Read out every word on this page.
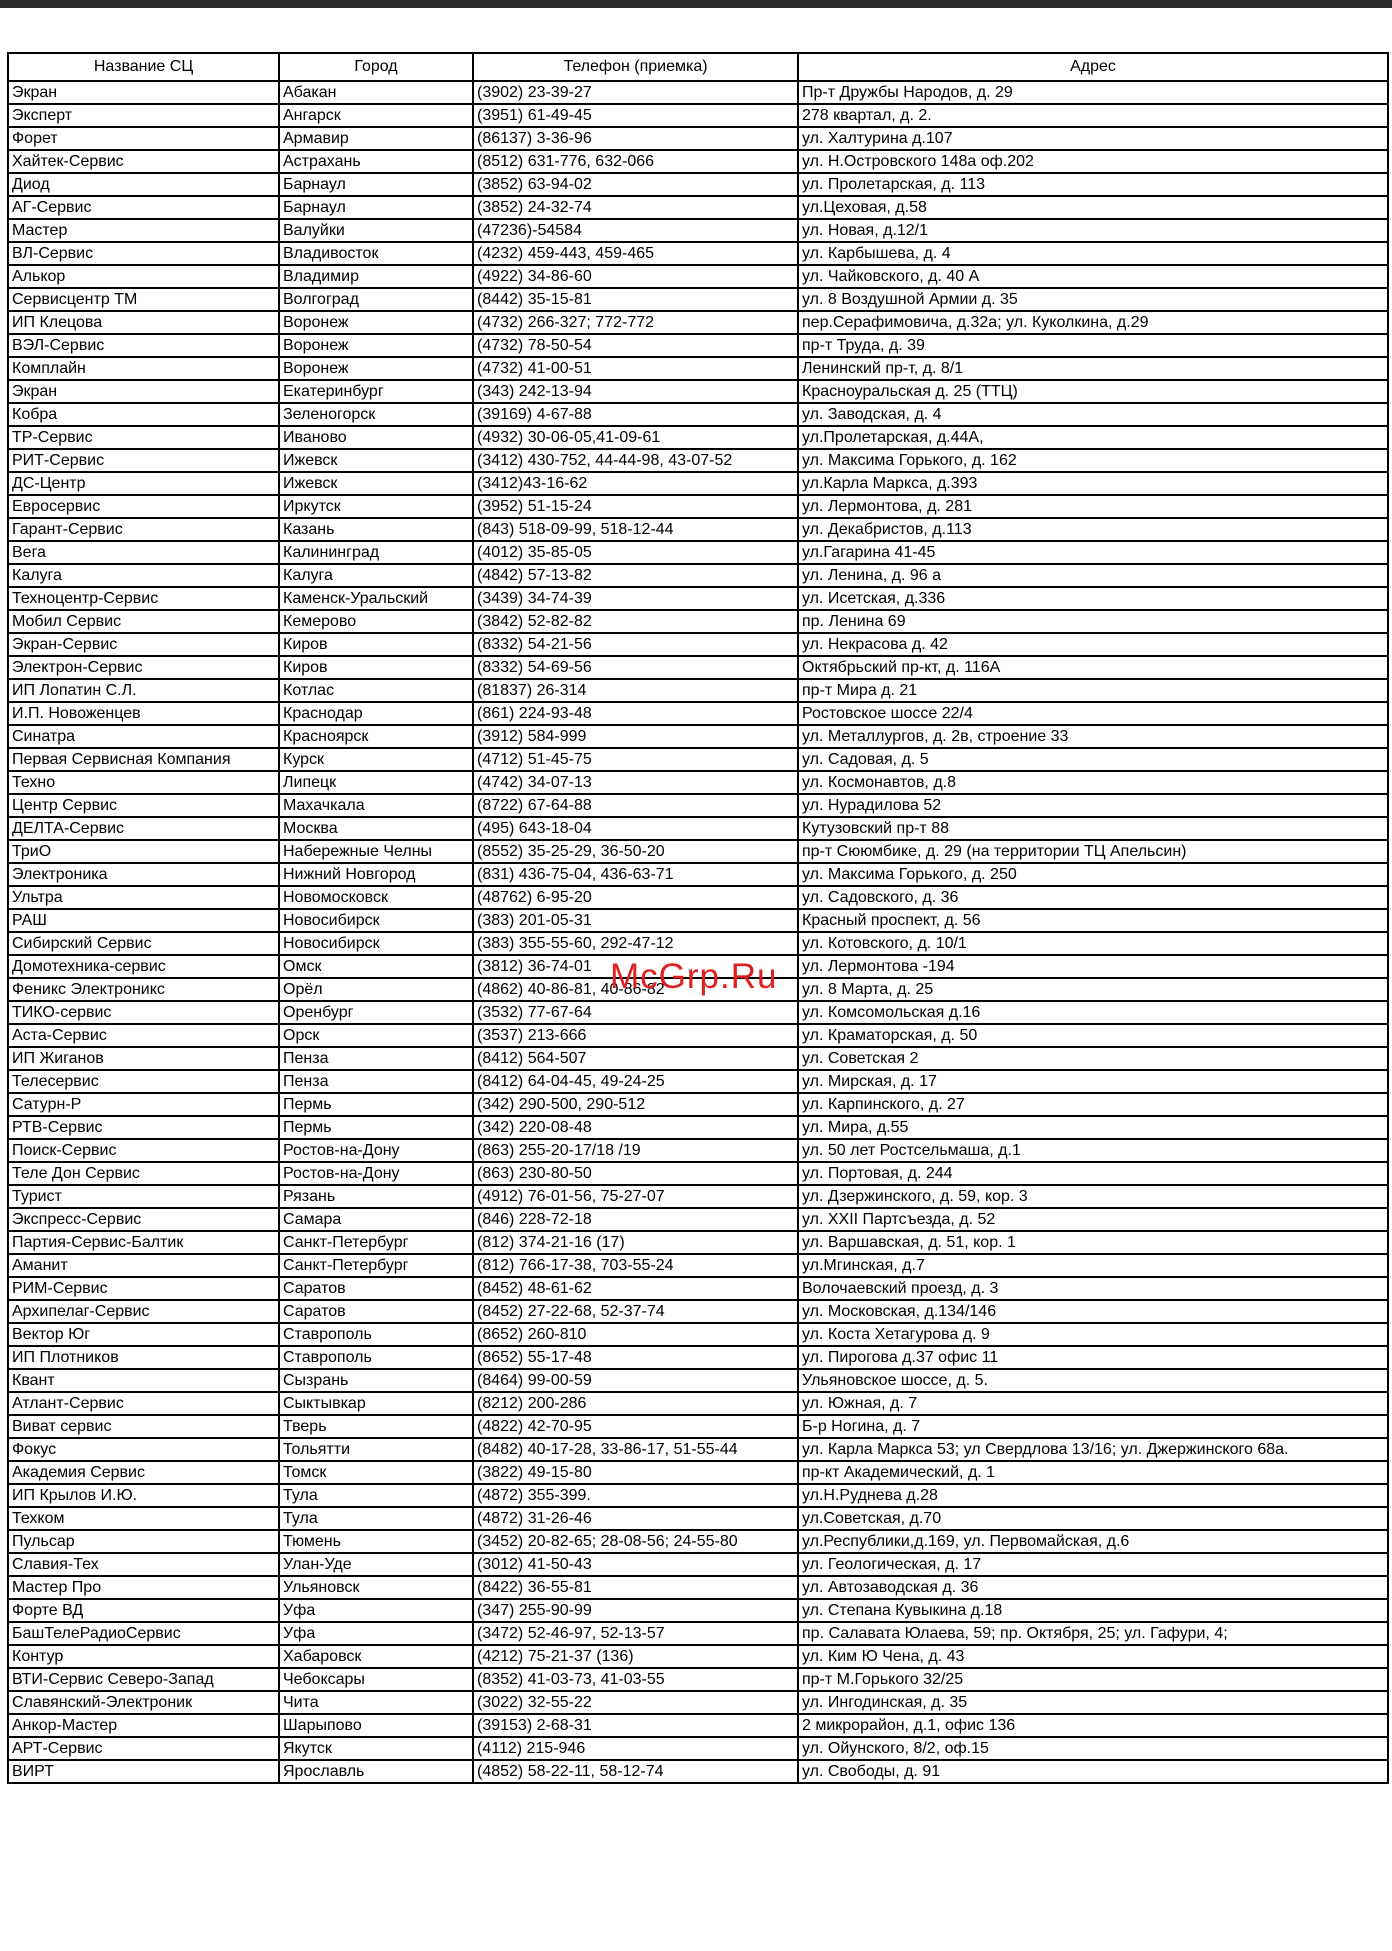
Название СЦ	Город	Телефон (приемка)	Адрес
Экран	Абакан	(3902) 23-39-27	Пр-т Дружбы Народов, д. 29
Эксперт	Ангарск	(3951) 61-49-45	278 квартал, д. 2.
Форет	Армавир	(86137) 3-36-96	ул. Халтурина д.107
Хайтек-Сервис	Астрахань	(8512) 631-776, 632-066	ул. Н.Островского 148а оф.202
Диод	Барнаул	(3852) 63-94-02	ул. Пролетарская, д. 113
АГ-Сервис	Барнаул	(3852) 24-32-74	ул.Цеховая, д.58
Мастер	Валуйки	(47236)-54584	ул. Новая, д.12/1
ВЛ-Сервис	Владивосток	(4232) 459-443, 459-465	ул. Карбышева, д. 4
Алькор	Владимир	(4922) 34-86-60	ул. Чайковского, д. 40 А
Сервисцентр ТМ	Волгоград	(8442) 35-15-81	ул. 8 Воздушной Армии д. 35
ИП Клецова	Воронеж	(4732) 266-327; 772-772	пер.Серафимовича, д.32а; ул. Куколкина, д.29
ВЭЛ-Сервис	Воронеж	(4732) 78-50-54	пр-т Труда, д. 39
Комплайн	Воронеж	(4732) 41-00-51	Ленинский пр-т, д. 8/1
Экран	Екатеринбург	(343) 242-13-94	Красноуральская д. 25 (ТТЦ)
Кобра	Зеленогорск	(39169) 4-67-88	ул. Заводская, д. 4
ТР-Сервис	Иваново	(4932) 30-06-05,41-09-61	ул.Пролетарская, д.44А,
РИТ-Сервис	Ижевск	(3412) 430-752, 44-44-98, 43-07-52	ул. Максима Горького, д. 162
ДС-Центр	Ижевск	(3412)43-16-62	ул.Карла Маркса, д.393
Евросервис	Иркутск	(3952) 51-15-24	ул. Лермонтова, д. 281
Гарант-Сервис	Казань	(843) 518-09-99, 518-12-44	ул. Декабристов, д.113
Вега	Калининград	(4012) 35-85-05	ул.Гагарина 41-45
Калуга	Калуга	(4842) 57-13-82	ул. Ленина, д. 96 а
Техноцентр-Сервис	Каменск-Уральский	(3439) 34-74-39	ул. Исетская, д.336
Мобил Сервис	Кемерово	(3842) 52-82-82	пр. Ленина 69
Экран-Сервис	Киров	(8332) 54-21-56	ул. Некрасова д. 42
Электрон-Сервис	Киров	(8332) 54-69-56	Октябрьский пр-кт, д. 116А
ИП Лопатин С.Л.	Котлас	(81837) 26-314	пр-т Мира д. 21
И.П. Новоженцев	Краснодар	(861) 224-93-48	Ростовское шоссе 22/4
Синатра	Красноярск	(3912) 584-999	ул. Металлургов, д. 2в, строение 33
Первая Сервисная Компания	Курск	(4712) 51-45-75	ул. Садовая, д. 5
Техно	Липецк	(4742) 34-07-13	ул. Космонавтов, д.8
Центр Сервис	Махачкала	(8722) 67-64-88	ул. Нурадилова 52
ДЕЛТА-Сервис	Москва	(495) 643-18-04	Кутузовский пр-т 88
ТриО	Набережные Челны	(8552) 35-25-29, 36-50-20	пр-т Сююмбике, д. 29 (на территории ТЦ Апельсин)
Электроника	Нижний Новгород	(831) 436-75-04, 436-63-71	ул. Максима Горького, д. 250
Ультра	Новомосковск	(48762) 6-95-20	ул. Садовского, д. 36
РАШ	Новосибирск	(383) 201-05-31	Красный проспект, д. 56
Сибирский Сервис	Новосибирск	(383) 355-55-60, 292-47-12	ул. Котовского, д. 10/1
Домотехника-сервис	Омск	(3812) 36-74-01	ул. Лермонтова -194
Феникс Электроникс	Орёл	(4862) 40-86-81, 40-86-82	ул. 8 Марта, д. 25
ТИКО-сервис	Оренбург	(3532) 77-67-64	ул. Комсомольская д.16
Аста-Сервис	Орск	(3537) 213-666	ул. Краматорская, д. 50
ИП Жиганов	Пенза	(8412) 564-507	ул. Советская 2
Телесервис	Пенза	(8412) 64-04-45, 49-24-25	ул. Мирская, д. 17
Сатурн-Р	Пермь	(342) 290-500, 290-512	ул. Карпинского, д. 27
РТВ-Сервис	Пермь	(342) 220-08-48	ул. Мира, д.55
Поиск-Сервис	Ростов-на-Дону	(863) 255-20-17/18 /19	ул. 50 лет Ростсельмаша, д.1
Теле Дон Сервис	Ростов-на-Дону	(863) 230-80-50	ул. Портовая, д. 244
Турист	Рязань	(4912) 76-01-56, 75-27-07	ул. Дзержинского, д. 59, кор. 3
Экспресс-Сервис	Самара	(846) 228-72-18	ул. XXII Партсъезда, д. 52
Партия-Сервис-Балтик	Санкт-Петербург	(812) 374-21-16 (17)	ул. Варшавская, д. 51, кор. 1
Аманит	Санкт-Петербург	(812) 766-17-38, 703-55-24	ул.Мгинская, д.7
РИМ-Сервис	Саратов	(8452) 48-61-62	Волочаевский проезд, д. 3
Архипелаг-Сервис	Саратов	(8452) 27-22-68, 52-37-74	ул. Московская, д.134/146
Вектор Юг	Ставрополь	(8652) 260-810	ул. Коста Хетагурова д. 9
ИП Плотников	Ставрополь	(8652) 55-17-48	ул. Пирогова д.37 офис 11
Квант	Сызрань	(8464) 99-00-59	Ульяновское шоссе, д. 5.
Атлант-Сервис	Сыктывкар	(8212) 200-286	ул. Южная, д. 7
Виват сервис	Тверь	(4822) 42-70-95	Б-р Ногина, д. 7
Фокус	Тольятти	(8482) 40-17-28, 33-86-17, 51-55-44	ул. Карла Маркса 53; ул Свердлова 13/16; ул. Джержинского 68а.
Академия Сервис	Томск	(3822) 49-15-80	пр-кт Академический, д. 1
ИП Крылов И.Ю.	Тула	(4872) 355-399.	ул.Н.Руднева д.28
Техком	Тула	(4872) 31-26-46	ул.Советская, д.70
Пульсар	Тюмень	(3452) 20-82-65; 28-08-56; 24-55-80	ул.Республики,д.169, ул. Первомайская, д.6
Славия-Тех	Улан-Уде	(3012) 41-50-43	ул. Геологическая, д. 17
Мастер Про	Ульяновск	(8422) 36-55-81	ул. Автозаводская д. 36
Форте ВД	Уфа	(347) 255-90-99	ул. Степана Кувыкина д.18
БашТелеРадиоСервис	Уфа	(3472) 52-46-97, 52-13-57	пр. Салавата Юлаева, 59; пр. Октября, 25; ул. Гафури, 4;
Контур	Хабаровск	(4212) 75-21-37 (136)	ул. Ким Ю Чена, д. 43
ВТИ-Сервис Северо-Запад	Чебоксары	(8352) 41-03-73, 41-03-55	пр-т М.Горького 32/25
Славянский-Электроник	Чита	(3022) 32-55-22	ул. Ингодинская, д. 35
Анкор-Мастер	Шарыпово	(39153) 2-68-31	2 микрорайон, д.1, офис 136
АРТ-Сервис	Якутск	(4112) 215-946	ул. Ойунского, 8/2, оф.15
ВИРТ	Ярославль	(4852) 58-22-11, 58-12-74	ул. Свободы, д. 91
McGrp.Ru
